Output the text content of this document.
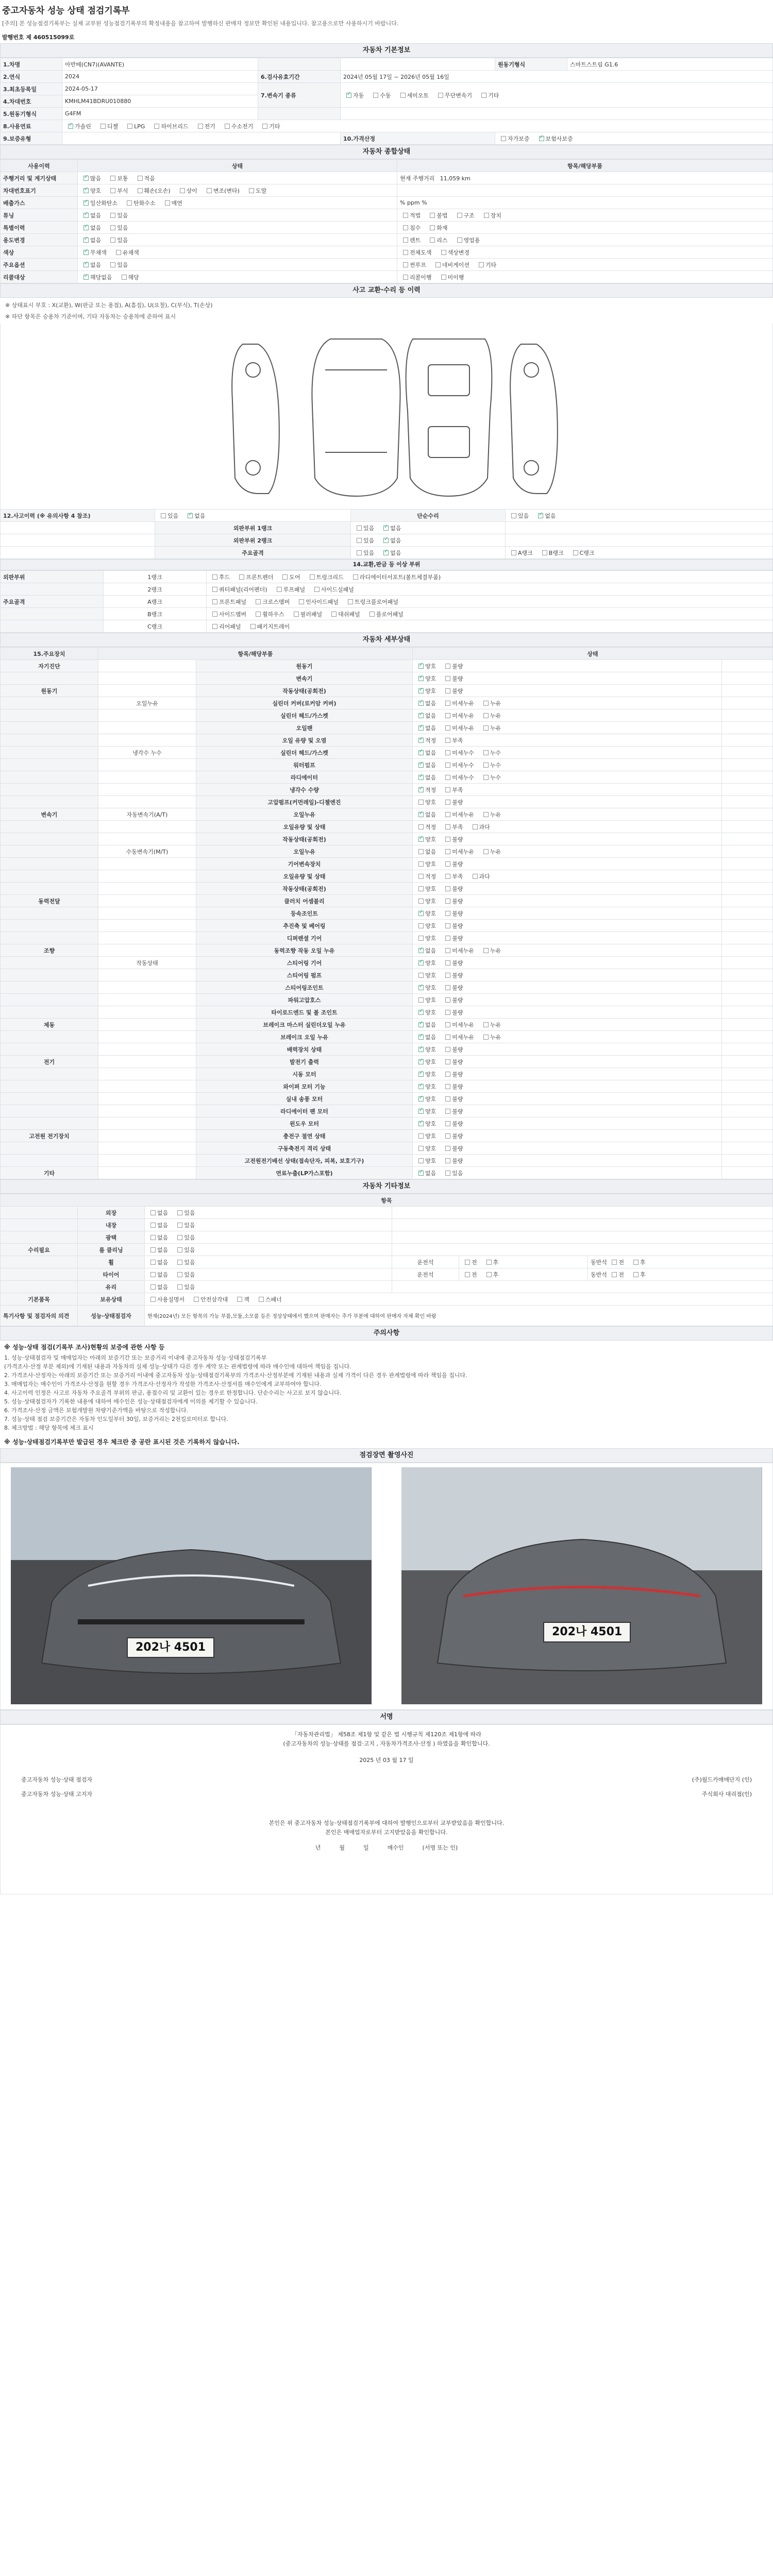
중고자동차 성능 상태 점검기록부
[주의] 본 성능점검기록부는 실제 교부된 성능점검기록부의 확정내용을 참고하여 발행하신 판매자 정보만 확인된 내용입니다. 참고용으로만 사용하시기 바랍니다.
발행번호 제 460515099로
자동차 기본정보
1.차명	아반떼(CN7)(AVANTE)			원동기형식	스마트스트림 G1.6
2.연식	2024	6.검사유효기간	2024년 05월 17일 ~ 2026년 05월 16일		
3.최초등록일	2024-05-17	7.변속기 종류	✓자동 수동 세미오토 무단변속기 기타
4.차대번호	KMHLM41BDRU010880				
5.원동기형식	G4FM				
8.사용연료	✓가솔린 디젤 LPG 하이브리드 전기 수소전기 기타
9.보증유형			10.가격산정	자가보증 ✓ 보험사보증
자동차 종합상태
사용이력	상태	항목/해당부품
주행거리 및 계기상태	✓많음 보통 적음	현재 주행거리   11,059 km
차대번호표기	✓양호 부식 훼손(오손) 상이 변조(변타) 도말	
배출가스	✓일산화탄소 탄화수소 매연	% ppm %
튜닝	✓없음 있음	적법 불법 구조 장치
특별이력	✓없음 있음	침수 화재
용도변경	✓없음 있음	렌트 리스 영업용
색상	✓무채색 유채색	전체도색 색상변경
주요옵션	✓없음 있음	썬루프 네비게이션 기타
리콜대상	✓해당없음 해당	리콜이행 미이행
사고 교환·수리 등 이력
※ 상태표시 부호 : X(교환), W(판금 또는 용접), A(흠집), U(요철), C(부식), T(손상)
※ 하단 항목은 승용차 기준이며, 기타 자동차는 승용차에 준하여 표시
12.사고이력 (※ 유의사항 4 참조)	있음 ✓ 없음	단순수리	있음 ✓ 없음
	외판부위 1랭크	있음 ✓ 없음	
	외판부위 2랭크	있음 ✓ 없음	
	주요골격	있음 ✓ 없음	A랭크 B랭크 C랭크
14.교환,판금 등 이상 부위
외판부위	1랭크	후드 프론트펜더 도어 트렁크리드 라디에이터서포트(볼트체결부품)
	2랭크	쿼터패널(리어펜더) 루프패널 사이드실패널
주요골격	A랭크	프론트패널 크로스멤버 인사이드패널 트렁크플로어패널
	B랭크	사이드멤버 휠하우스 필러패널 대쉬패널 플로어패널
	C랭크	리어패널 패키지트레이
자동차 세부상태
15.주요장치	항목/해당부품		상태	
자기진단		원동기	✓양호 불량	
		변속기	✓양호 불량	
원동기		작동상태(공회전)	✓양호 불량	
	오일누유	실린더 커버(로커암 커버)	✓없음 미세누유 누유	
		실린더 헤드/가스켓	✓없음 미세누유 누유	
		오일팬	✓없음 미세누유 누유	
		오일 유량 및 오염	✓적정 부족	
	냉각수 누수	실린더 헤드/가스켓	✓없음 미세누수 누수	
		워터펌프	✓없음 미세누수 누수	
		라디에이터	✓없음 미세누수 누수	
		냉각수 수량	✓적정 부족	
		고압펌프(커먼레일)-디젤엔진	양호 불량	
변속기	자동변속기(A/T)	오일누유	✓없음 미세누유 누유	
		오일유량 및 상태	적정 부족 과다	
		작동상태(공회전)	✓양호 불량	
	수동변속기(M/T)	오일누유	없음 미세누유 누유	
		기어변속장치	양호 불량	
		오일유량 및 상태	적정 부족 과다	
		작동상태(공회전)	양호 불량	
동력전달		클러치 어셈블리	양호 불량	
		등속조인트	✓양호 불량	
		추진축 및 베어링	양호 불량	
		디퍼렌셜 기어	양호 불량	
조향		동력조향 작동 오일 누유	✓없음 미세누유 누유	
	작동상태	스티어링 기어	✓양호 불량	
		스티어링 펌프	양호 불량	
		스티어링조인트	✓양호 불량	
		파워고압호스	양호 불량	
		타이로드엔드 및 볼 조인트	✓양호 불량	
제동		브레이크 마스터 실린더오일 누유	✓없음 미세누유 누유	
		브레이크 오일 누유	✓없음 미세누유 누유	
		배력장치 상태	✓양호 불량	
전기		발전기 출력	✓양호 불량	
		시동 모터	✓양호 불량	
		와이퍼 모터 기능	✓양호 불량	
		실내 송풍 모터	✓양호 불량	
		라디에이터 팬 모터	✓양호 불량	
		윈도우 모터	✓양호 불량	
고전원 전기장치		충전구 절연 상태	양호 불량	
		구동축전지 격리 상태	양호 불량	
		고전원전기배선 상태(접속단자, 피복, 보호기구)	양호 불량	
기타		연료누출(LP가스포함)	✓없음 있음	
자동차 기타정보
항목					
	외장	없음 있음			
	내장	없음 있음			
	광택	없음 있음			
수리필요	룸 클리닝	없음 있음			
	휠	없음 있음	운전석	전 후	동반석 전 후
	타이어	없음 있음	운전석	전 후	동반석 전 후
	유리	없음 있음			
기본품목	보유상태	사용설명서 안전삼각대 잭 스패너			
특기사항 및 점검자의 의견	성능·상태점검자	현재(2024년) 모든 항목의 가능 부품,모듈,소모품 등은 정상상태에서 했으며 판매자는 추가 부분에 대하여 판매자 자체 확인 바람			
주의사항
※ 성능·상태 점검(기록부 조사)현황의 보증에 관한 사항 등

1. 성능·상태점검자 및 매매업자는 아래의 보증기간 또는 보증거리 이내에 중고자동차 성능·상태점검기록부

(가격조사·산정 부분 제외)에 기재된 내용과 자동차의 실제 성능·상태가 다른 경우 계약 또는 관계법령에 따라 매수인에 대하여 책임을 집니다.

2. 가격조사·산정자는 아래의 보증기간 또는 보증거리 이내에 중고자동차 성능·상태점검기록부의 가격조사·산정부분에 기재된 내용과 실제 가격이 다른 경우 관계법령에 따라 책임을 집니다.

3. 매매업자는 매수인이 가격조사·산정을 원할 경우 가격조사·산정자가 작성한 가격조사·산정서를 매수인에게 교부하여야 합니다.

4. 사고이력 인정은 사고로 자동차 주요골격 부위의 판금, 용접수리 및 교환이 있는 경우로 한정합니다. 단순수리는 사고로 보지 않습니다.

5. 성능·상태점검자가 기록한 내용에 대하여 매수인은 성능·상태점검자에게 이의를 제기할 수 있습니다.

6. 가격조사·산정 금액은 보험개발원 차량기준가액을 바탕으로 작성합니다.

7. 성능·상태 점검 보증기간은 자동차 인도일부터 30일, 보증거리는 2천킬로미터로 합니다.

8. 체크방법 : 해당 항목에 체크 표시

※ 성능·상태점검기록부만 발급된 경우 체크란 중 공란 표시된 것은 기록하지 않습니다.
점검장면 촬영사진
202나 4501
202나 4501
서명

「자동차관리법」 제58조 제1항 및 같은 법 시행규칙 제120조 제1항에 따라

(중고자동차의 성능·상태를 점검·고지 , 자동차가격조사·산정 ) 하였음을 확인합니다.

2025 년 03 월 17 일

중고자동차 성능·상태 점검자	(주)월드카매매단지 (인)
중고자동차 성능·상태 고지자	주식회사 대리점(인)

본인은 위 중고자동차 성능·상태점검기록부에 대하여 발행인으로부터 교부받았음을 확인합니다.

본인은 매매업자로부터 고지받았음을 확인합니다.

년	월	일	매수인	(서명 또는 인)
